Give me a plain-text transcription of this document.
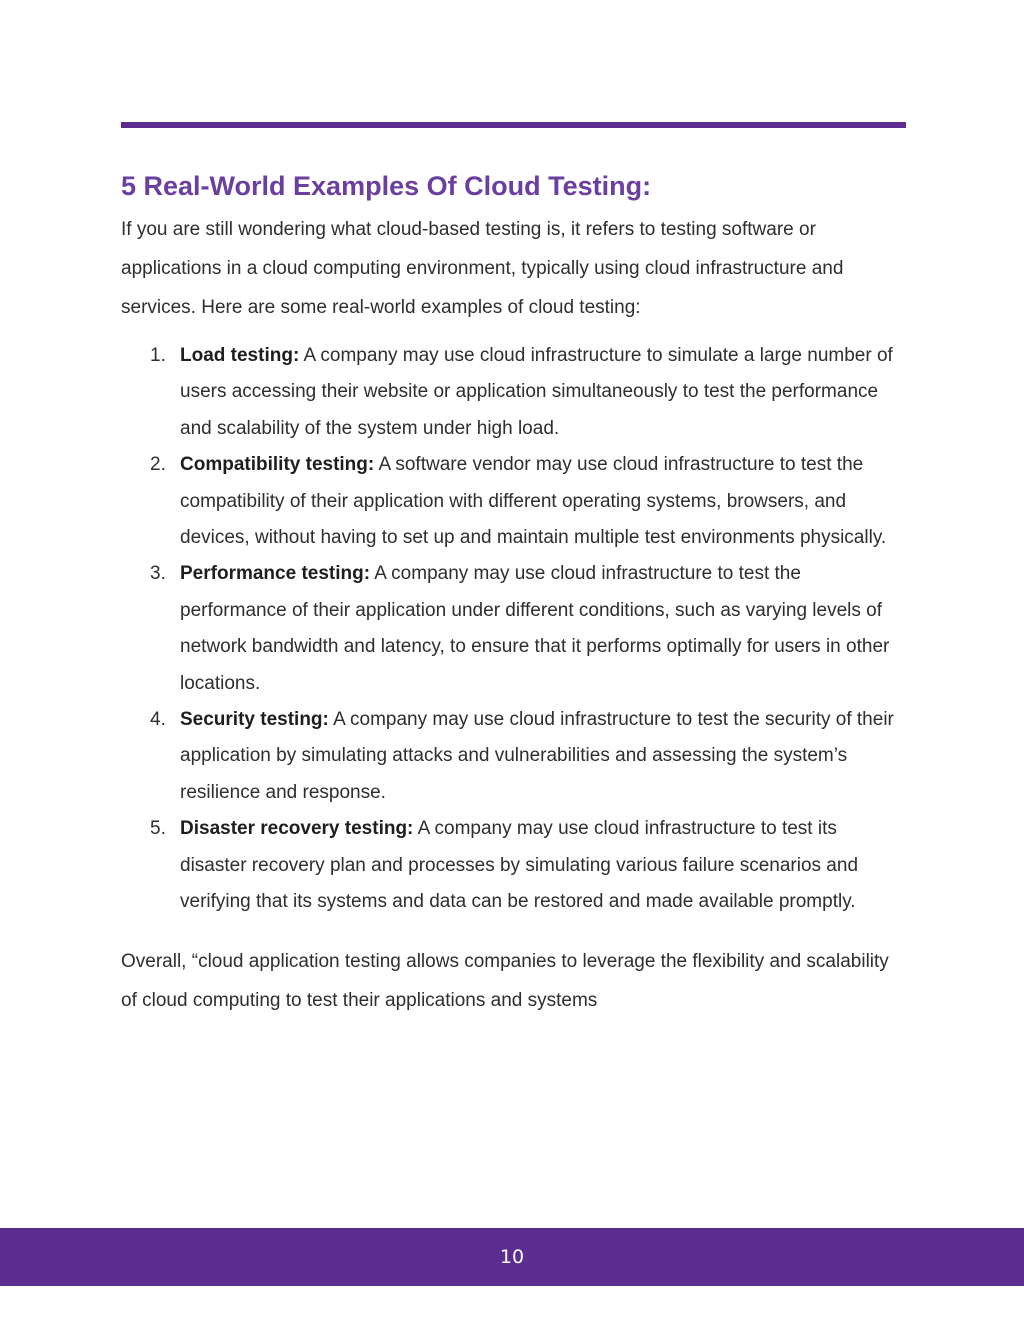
5 Real-World Examples Of Cloud Testing:

If you are still wondering what cloud-based testing is, it refers to testing software or applications in a cloud computing environment, typically using cloud infrastructure and services. Here are some real-world examples of cloud testing:

1. Load testing: A company may use cloud infrastructure to simulate a large number of users accessing their website or application simultaneously to test the performance and scalability of the system under high load.
2. Compatibility testing: A software vendor may use cloud infrastructure to test the compatibility of their application with different operating systems, browsers, and devices, without having to set up and maintain multiple test environments physically.
3. Performance testing: A company may use cloud infrastructure to test the performance of their application under different conditions, such as varying levels of network bandwidth and latency, to ensure that it performs optimally for users in other locations.
4. Security testing: A company may use cloud infrastructure to test the security of their application by simulating attacks and vulnerabilities and assessing the system’s resilience and response.
5. Disaster recovery testing: A company may use cloud infrastructure to test its disaster recovery plan and processes by simulating various failure scenarios and verifying that its systems and data can be restored and made available promptly.

Overall, “cloud application testing allows companies to leverage the flexibility and scalability of cloud computing to test their applications and systems

10
